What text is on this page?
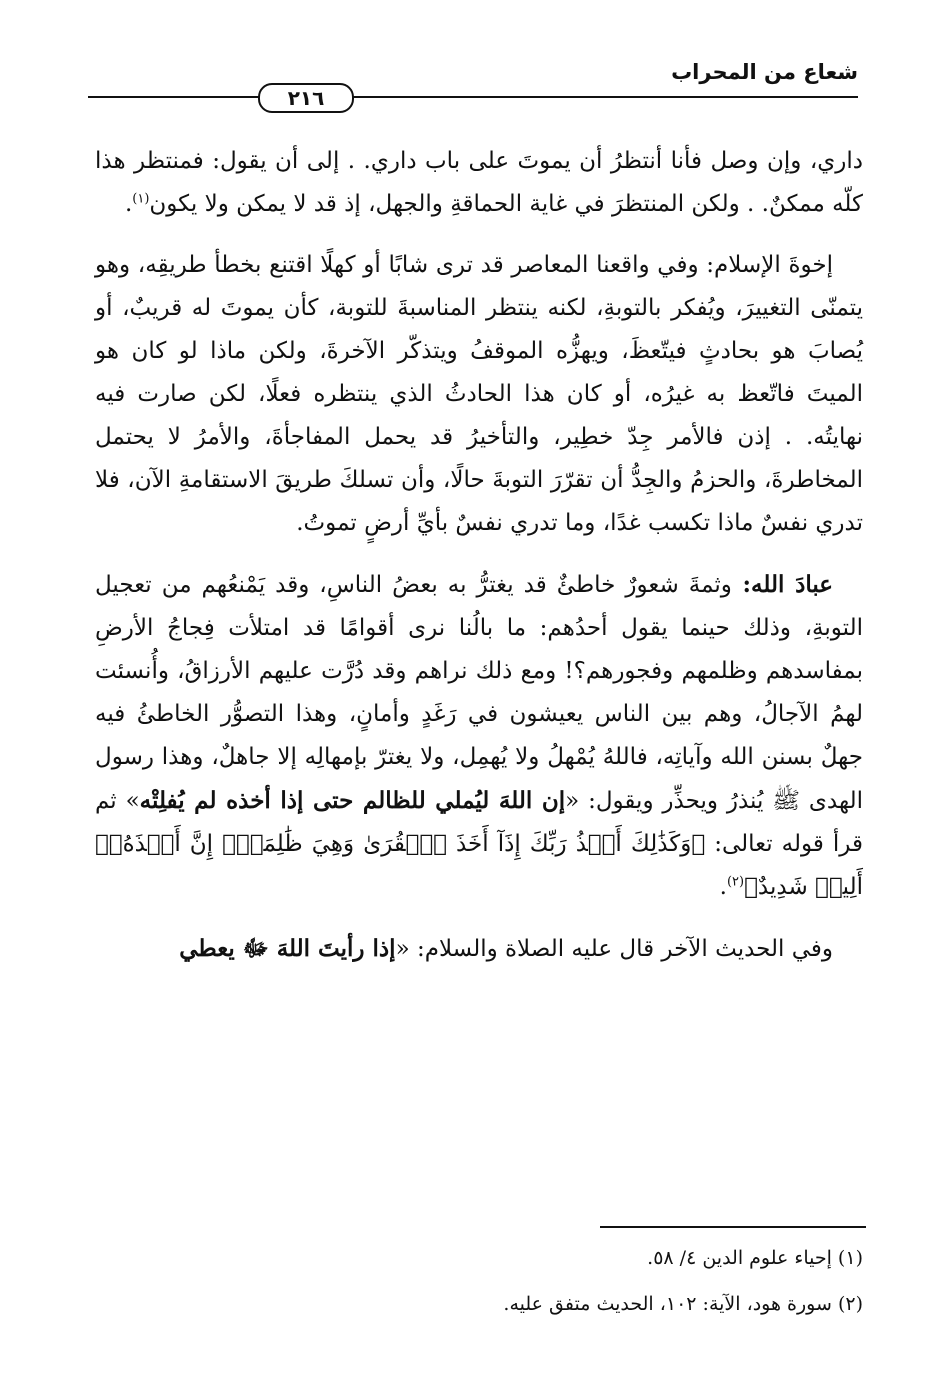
شعاع من المحراب
٢١٦

داري، وإن وصل فأنا أنتظرُ أن يموتَ على باب داري. . إلى أن يقول: فمنتظر هذا كلّه ممكنٌ. . ولكن المنتظرَ في غاية الحماقةِ والجهل، إذ قد لا يمكن ولا يكون$^{(١)}$.

إخوةَ الإسلام: وفي واقعنا المعاصر قد ترى شابًا أو كهلًا اقتنع بخطأ طريقِه، وهو يتمنّى التغييرَ، ويُفكر بالتوبةِ، لكنه ينتظر المناسبةَ للتوبة، كأن يموتَ له قريبٌ، أو يُصابَ هو بحادثٍ فيتّعظَ، ويهزُّه الموقفُ ويتذكّر الآخرةَ، ولكن ماذا لو كان هو الميتَ فاتّعظ به غيرُه، أو كان هذا الحادثُ الذي ينتظره فعلًا، لكن صارت فيه نهايتُه. . إذن فالأمر جِدّ خطِير، والتأخيرُ قد يحمل المفاجأةَ، والأمرُ لا يحتمل المخاطرةَ، والحزمُ والجِدُّ أن تقرّرَ التوبةَ حالًا، وأن تسلكَ طريقَ الاستقامةِ الآن، فلا تدري نفسٌ ماذا تكسب غدًا، وما تدري نفسٌ بأيِّ أرضٍ تموتُ.

عبادَ الله: وثمةَ شعورٌ خاطئٌ قد يغترُّ به بعضُ الناسِ، وقد يَمْنعُهم من تعجيل التوبةِ، وذلك حينما يقول أحدُهم: ما بالُنا نرى أقوامًا قد امتلأت فِجاجُ الأرضِ بمفاسدهم وظلمهم وفجورهم؟! ومع ذلك نراهم وقد دُرَّت عليهم الأرزاقُ، وأُنسئت لهمُ الآجالُ، وهم بين الناس يعيشون في رَغَدٍ وأمانٍ، وهذا التصوُّر الخاطئُ فيه جهلٌ بسنن الله وآياتِه، فاللهُ يُمْهلُ ولا يُهمِل، ولا يغترّ بإمهالِه إلا جاهلٌ، وهذا رسول الهدى ﷺ يُنذرُ ويحذِّر ويقول: «إن اللهَ ليُملي للظالم حتى إذا أخذه لم يُفلِتْه» ثم قرأ قوله تعالى: ﴿وَكَذَٰلِكَ أَخۡذُ رَبِّكَ إِذَآ أَخَذَ ٱلۡقُرَىٰ وَهِيَ ظَٰلِمَةٌۚ إِنَّ أَخۡذَهُۥٓ أَلِيمٞ شَدِيدٌ﴾$^{(٢)}$.

وفي الحديث الآخر قال عليه الصلاة والسلام: «إذا رأيتَ اللهَ ﷻ يعطي

(١) إحياء علوم الدين ٤/ ٥٨.

(٢) سورة هود، الآية: ١٠٢، الحديث متفق عليه.
